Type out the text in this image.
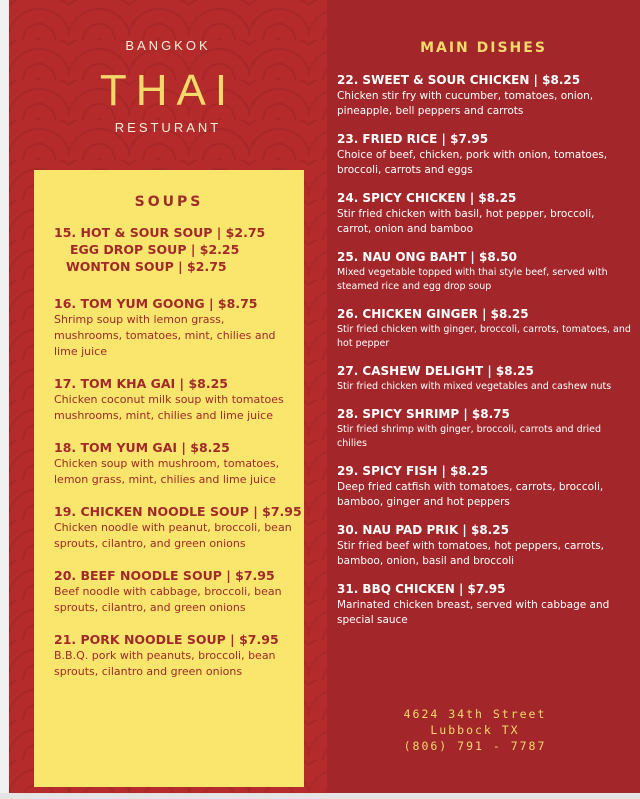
BANGKOK
THAI
RESTURANT
SOUPS
15. HOT & SOUR SOUP | $2.75
EGG DROP SOUP | $2.25
WONTON SOUP | $2.75
16. TOM YUM GOONG | $8.75
Shrimp soup with lemon grass, mushrooms, tomatoes, mint, chilies and lime juice
17. TOM KHA GAI | $8.25
Chicken coconut milk soup with tomatoes mushrooms, mint, chilies and lime juice
18. TOM YUM GAI | $8.25
Chicken soup with mushroom, tomatoes, lemon grass, mint, chilies and lime juice
19. CHICKEN NOODLE SOUP | $7.95
Chicken noodle with peanut, broccoli, bean sprouts, cilantro, and green onions
20. BEEF NOODLE SOUP | $7.95
Beef noodle with cabbage, broccoli, bean sprouts, cilantro, and green onions
21. PORK NOODLE SOUP | $7.95
B.B.Q. pork with peanuts, broccoli, bean sprouts, cilantro and green onions
MAIN DISHES
22. SWEET & SOUR CHICKEN | $8.25
Chicken stir fry with cucumber, tomatoes, onion, pineapple, bell peppers and carrots
23. FRIED RICE | $7.95
Choice of beef, chicken, pork with onion, tomatoes, broccoli, carrots and eggs
24. SPICY CHICKEN | $8.25
Stir fried chicken with basil, hot pepper, broccoli, carrot, onion and bamboo
25. NAU ONG BAHT | $8.50
Mixed vegetable topped with thai style beef, served with steamed rice and egg drop soup
26. CHICKEN GINGER | $8.25
Stir fried chicken with ginger, broccoli, carrots, tomatoes, and hot pepper
27. CASHEW DELIGHT | $8.25
Stir fried chicken with mixed vegetables and cashew nuts
28. SPICY SHRIMP | $8.75
Stir fried shrimp with ginger, broccoli, carrots and dried chilies
29. SPICY FISH | $8.25
Deep fried catfish with tomatoes, carrots, broccoli, bamboo, ginger and hot peppers
30. NAU PAD PRIK | $8.25
Stir fried beef with tomatoes, hot peppers, carrots, bamboo, onion, basil and broccoli
31. BBQ CHICKEN | $7.95
Marinated chicken breast, served with cabbage and special sauce
4624 34th Street
Lubbock TX
(806) 791 - 7787
